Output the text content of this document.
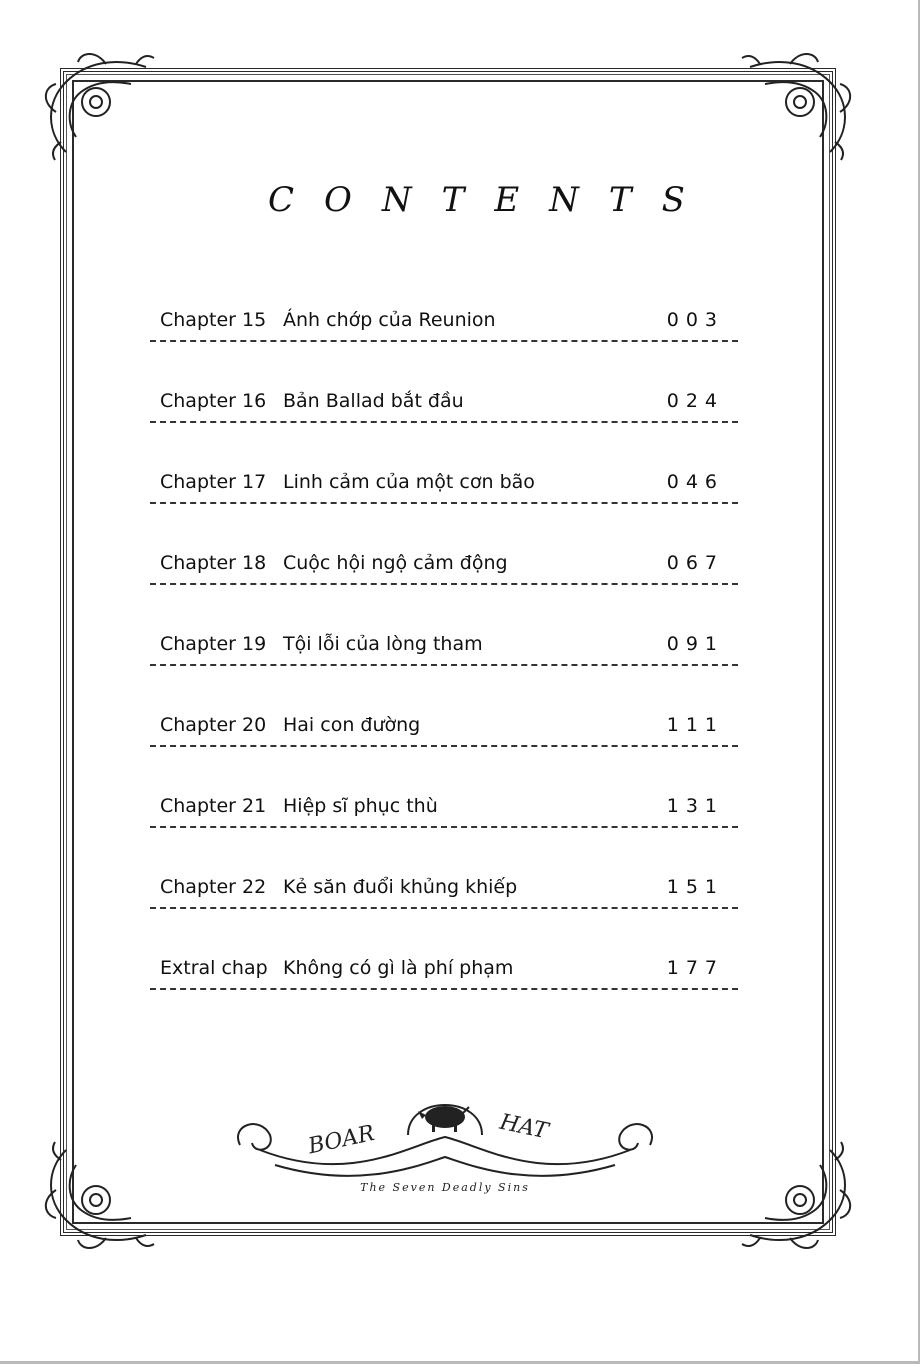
CONTENTS
Chapter 15 Ánh chớp của Reunion	003
Chapter 16 Bản Ballad bắt đầu	024
Chapter 17 Linh cảm của một cơn bão	046
Chapter 18 Cuộc hội ngộ cảm động	067
Chapter 19 Tội lỗi của lòng tham	091
Chapter 20 Hai con đường	111
Chapter 21 Hiệp sĩ phục thù	131
Chapter 22 Kẻ săn đuổi khủng khiếp	151
Extral chap Không có gì là phí phạm	177
BOAR	HAT
The Seven Deadly Sins
